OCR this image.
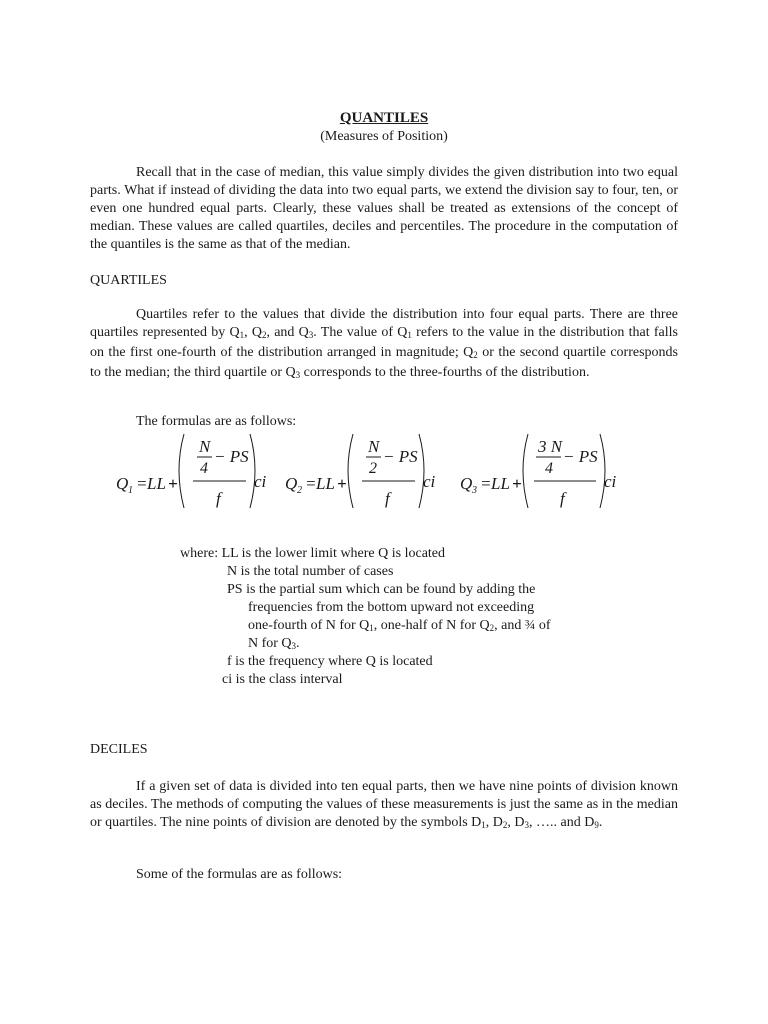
QUANTILES
(Measures of Position)
Recall that in the case of median, this value simply divides the given distribution into two equal parts. What if instead of dividing the data into two equal parts, we extend the division say to four, ten, or even one hundred equal parts. Clearly, these values shall be treated as extensions of the concept of median. These values are called quartiles, deciles and percentiles. The procedure in the computation of the quantiles is the same as that of the median.
QUARTILES
Quartiles refer to the values that divide the distribution into four equal parts. There are three quartiles represented by $Q_1$, $Q_2$, and $Q_3$. The value of $Q_1$ refers to the value in the distribution that falls on the first one-fourth of the distribution arranged in magnitude; $Q_2$ or the second quartile corresponds to the median; the third quartile or $Q_3$ corresponds to the three-fourths of the distribution.
The formulas are as follows:
Q 1 = LL +
N
4
− PS
f
ci Q 2 = LL +
N
2
− PS
f
ci Q 3 = LL +
3 N
4
− PS
f
ci
where: LL is the lower limit where Q is located
N is the total number of cases
PS is the partial sum which can be found by adding the
frequencies from the bottom upward not exceeding
one-fourth of N for $Q_1$, one-half of N for $Q_2$, and ¾ of
N for $Q_3$.
f is the frequency where Q is located
ci is the class interval
DECILES
If a given set of data is divided into ten equal parts, then we have nine points of division known as deciles. The methods of computing the values of these measurements is just the same as in the median or quartiles. The nine points of division are denoted by the symbols $D_1$, $D_2$, $D_3$, ….. and $D_9$.
Some of the formulas are as follows:
